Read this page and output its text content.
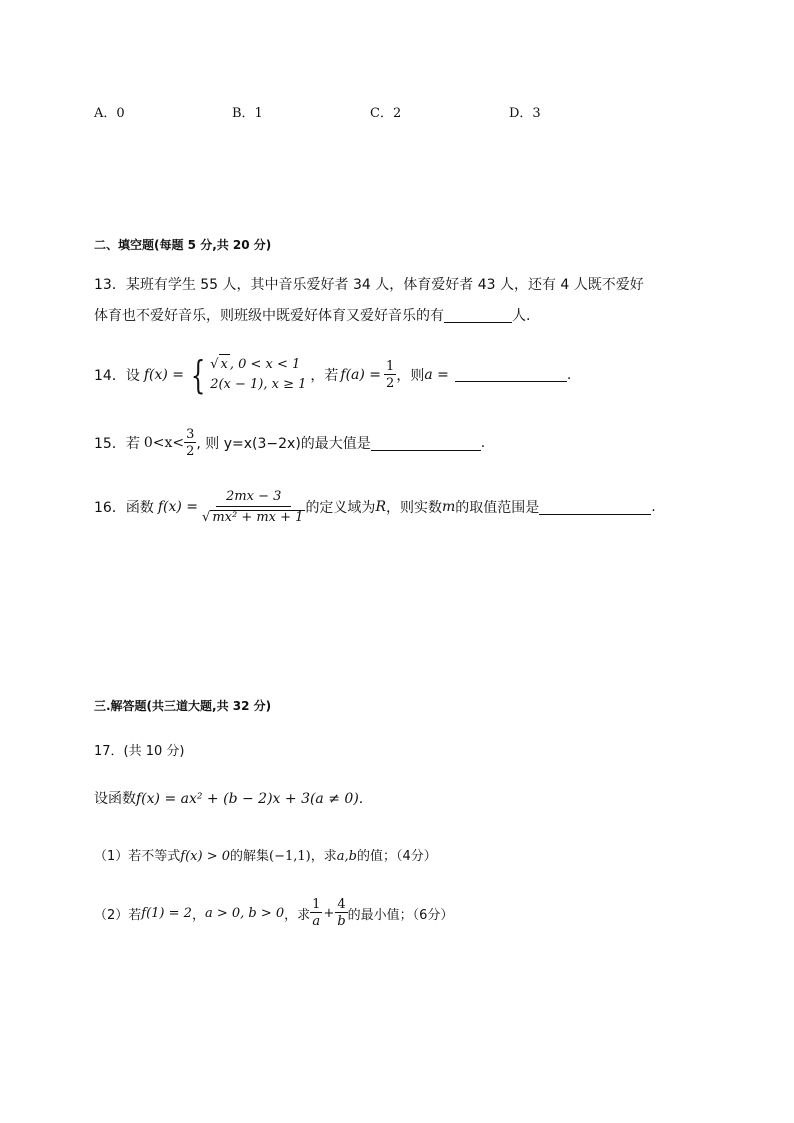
A．0	B．1	C．2	D．3
二、填空题(每题 5 分,共 20 分)
13．某班有学生 55 人，其中音乐爱好者 34 人，体育爱好者 43 人，还有 4 人既不爱好
体育也不爱好音乐，则班级中既爱好体育又爱好音乐的有	人.
14．设 f(x) = { √ x , 0 < x < 1
2(x − 1), x ≥ 1
，若 $f(a) = \frac{1}{2}$ ，则 a =	.
15．若 $0<x< \frac{3}{2}$ , 则 y=x(3−2x)的最大值是	.
16．函数 $f(x) = \frac{2mx - 3}{\text{√ mx² + mx + 1}}$ 的定义域为 R ，则实数 m 的取值范围是	.
三.解答题(共三道大题,共 32 分)
17．(共 10 分)
设函数f(x) = ax² + (b − 2)x + 3(a ≠ 0).
（1）若不等式f(x) > 0的解集(−1,1)，求a,b的值；（4分）
（2）若 f(1) = 2 ， a > 0, b > 0 ，求 $\frac{1}{a} + \frac{4}{b}$ 的最小值；（6分）
